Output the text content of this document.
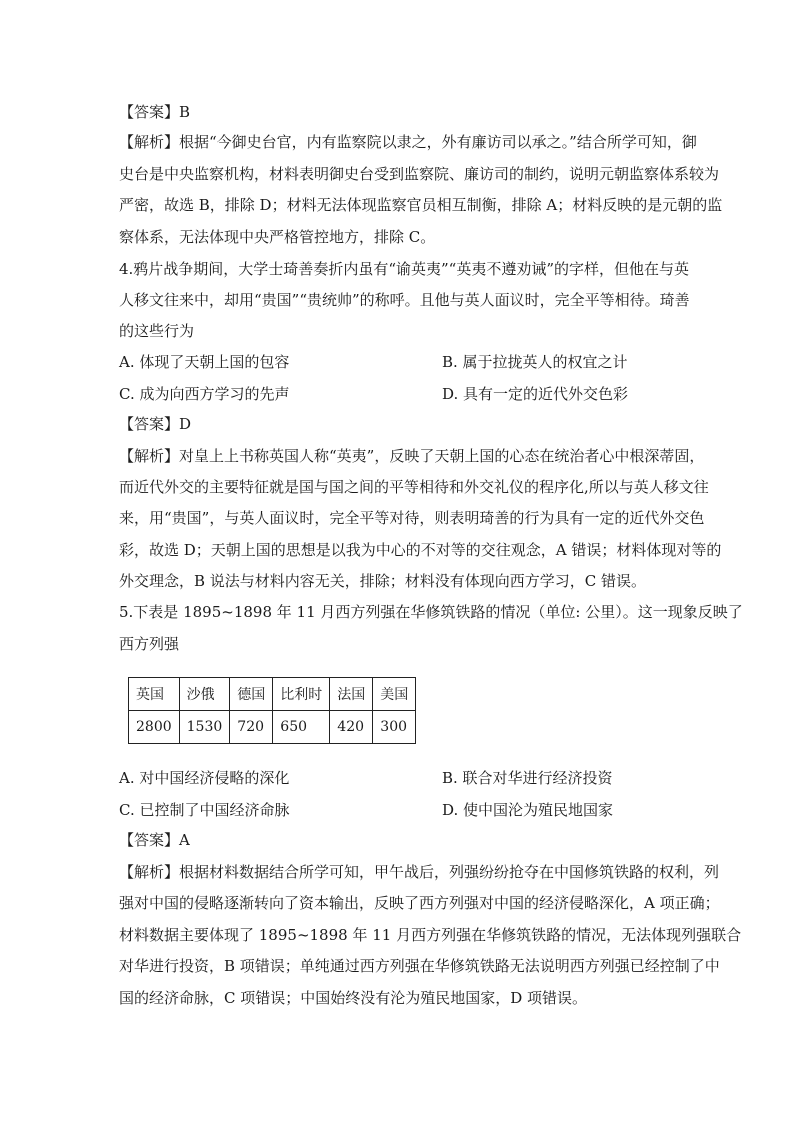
【答案】B
【解析】根据“今御史台官，内有监察院以隶之，外有廉访司以承之。”结合所学可知，御
史台是中央监察机构，材料表明御史台受到监察院、廉访司的制约，说明元朝监察体系较为
严密，故选 B，排除 D；材料无法体现监察官员相互制衡，排除 A；材料反映的是元朝的监
察体系，无法体现中央严格管控地方，排除 C。
4.鸦片战争期间，大学士琦善奏折内虽有“谕英夷”“英夷不遵劝诫”的字样，但他在与英
人移文往来中，却用“贵国”“贵统帅”的称呼。且他与英人面议时，完全平等相待。琦善
的这些行为
A. 体现了天朝上国的包容	B. 属于拉拢英人的权宜之计
C. 成为向西方学习的先声	D. 具有一定的近代外交色彩
【答案】D
【解析】对皇上上书称英国人称“英夷”，反映了天朝上国的心态在统治者心中根深蒂固，
而近代外交的主要特征就是国与国之间的平等相待和外交礼仪的程序化,所以与英人移文往
来，用“贵国”，与英人面议时，完全平等对待，则表明琦善的行为具有一定的近代外交色
彩，故选 D；天朝上国的思想是以我为中心的不对等的交往观念，A 错误；材料体现对等的
外交理念，B 说法与材料内容无关，排除；材料没有体现向西方学习，C 错误。
5.下表是 1895~1898 年 11 月西方列强在华修筑铁路的情况（单位: 公里）。这一现象反映了
西方列强
英国	沙俄	德国	比利时	法国	美国
2800	1530	720	650	420	300
A. 对中国经济侵略的深化	B. 联合对华进行经济投资
C. 已控制了中国经济命脉	D. 使中国沦为殖民地国家
【答案】A
【解析】根据材料数据结合所学可知，甲午战后，列强纷纷抢夺在中国修筑铁路的权利，列
强对中国的侵略逐渐转向了资本输出，反映了西方列强对中国的经济侵略深化，A 项正确；
材料数据主要体现了 1895~1898 年 11 月西方列强在华修筑铁路的情况，无法体现列强联合
对华进行投资，B 项错误；单纯通过西方列强在华修筑铁路无法说明西方列强已经控制了中
国的经济命脉，C 项错误；中国始终没有沦为殖民地国家，D 项错误。
